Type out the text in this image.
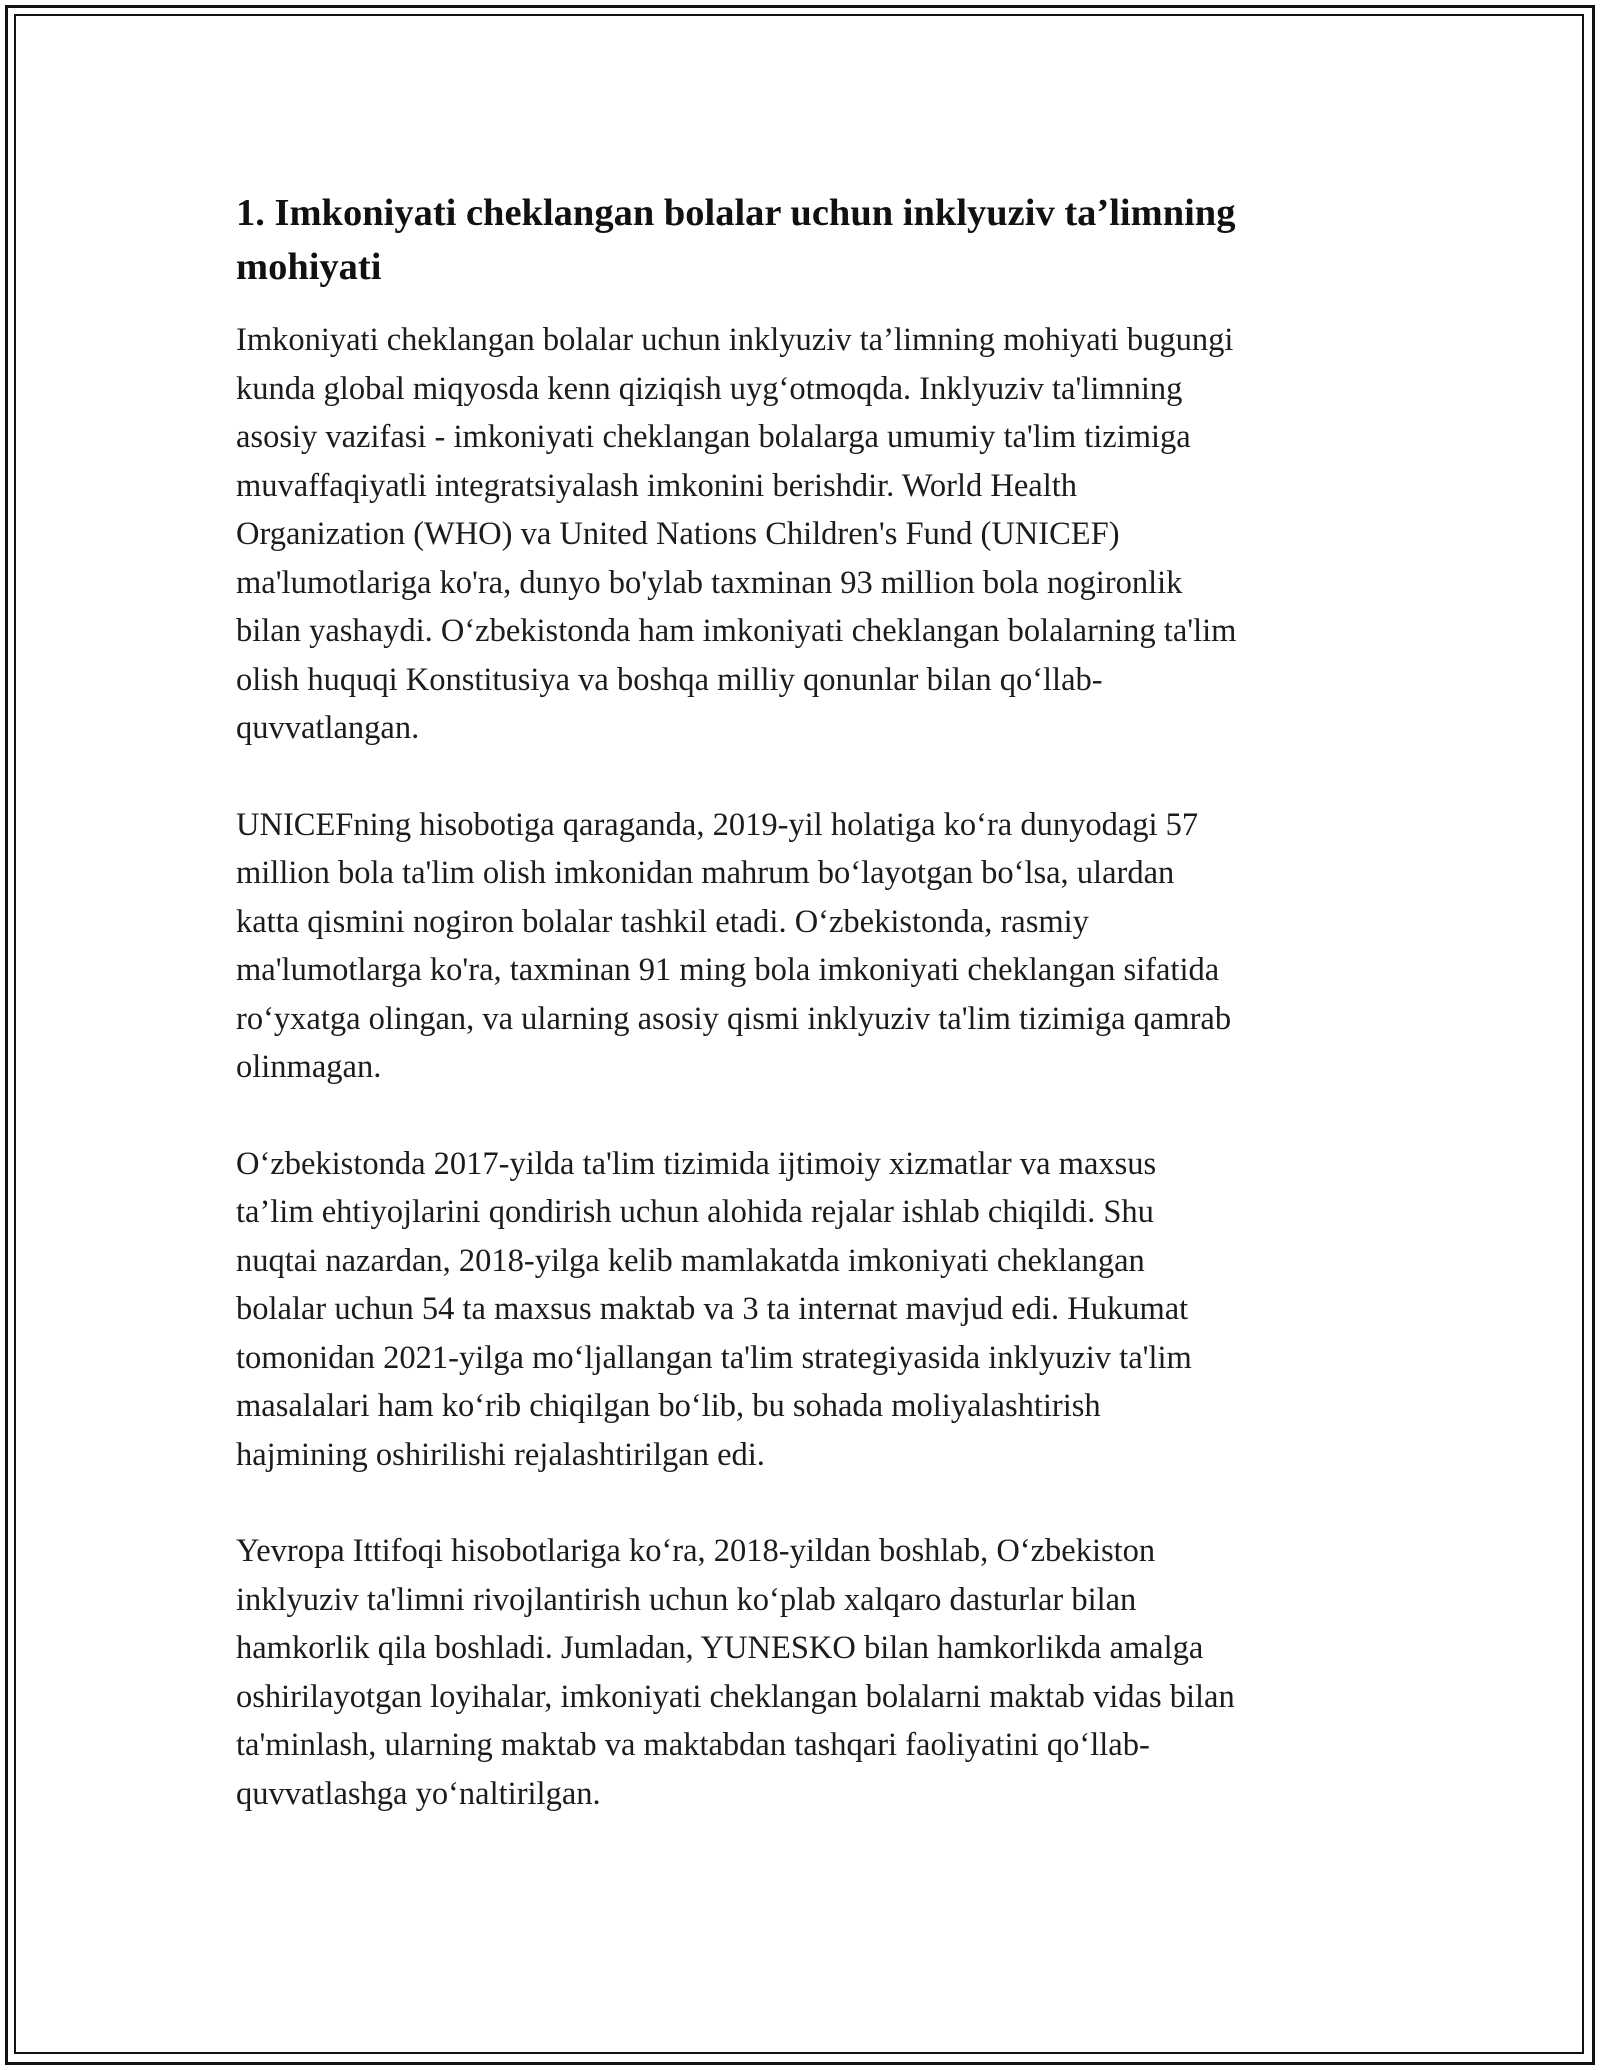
1. Imkoniyati cheklangan bolalar uchun inklyuziv ta’limning
mohiyati
Imkoniyati cheklangan bolalar uchun inklyuziv ta’limning mohiyati bugungi
kunda global miqyosda kenn qiziqish uyg‘otmoqda. Inklyuziv ta'limning
asosiy vazifasi - imkoniyati cheklangan bolalarga umumiy ta'lim tizimiga
muvaffaqiyatli integratsiyalash imkonini berishdir. World Health
Organization (WHO) va United Nations Children's Fund (UNICEF)
ma'lumotlariga ko'ra, dunyo bo'ylab taxminan 93 million bola nogironlik
bilan yashaydi. O‘zbekistonda ham imkoniyati cheklangan bolalarning ta'lim
olish huquqi Konstitusiya va boshqa milliy qonunlar bilan qo‘llab-
quvvatlangan.
UNICEFning hisobotiga qaraganda, 2019-yil holatiga ko‘ra dunyodagi 57
million bola ta'lim olish imkonidan mahrum bo‘layotgan bo‘lsa, ulardan
katta qismini nogiron bolalar tashkil etadi. O‘zbekistonda, rasmiy
ma'lumotlarga ko'ra, taxminan 91 ming bola imkoniyati cheklangan sifatida
ro‘yxatga olingan, va ularning asosiy qismi inklyuziv ta'lim tizimiga qamrab
olinmagan.
O‘zbekistonda 2017-yilda ta'lim tizimida ijtimoiy xizmatlar va maxsus
ta’lim ehtiyojlarini qondirish uchun alohida rejalar ishlab chiqildi. Shu
nuqtai nazardan, 2018-yilga kelib mamlakatda imkoniyati cheklangan
bolalar uchun 54 ta maxsus maktab va 3 ta internat mavjud edi. Hukumat
tomonidan 2021-yilga mo‘ljallangan ta'lim strategiyasida inklyuziv ta'lim
masalalari ham ko‘rib chiqilgan bo‘lib, bu sohada moliyalashtirish
hajmining oshirilishi rejalashtirilgan edi.
Yevropa Ittifoqi hisobotlariga ko‘ra, 2018-yildan boshlab, O‘zbekiston
inklyuziv ta'limni rivojlantirish uchun ko‘plab xalqaro dasturlar bilan
hamkorlik qila boshladi. Jumladan, YUNESKO bilan hamkorlikda amalga
oshirilayotgan loyihalar, imkoniyati cheklangan bolalarni maktab vidas bilan
ta'minlash, ularning maktab va maktabdan tashqari faoliyatini qo‘llab-
quvvatlashga yo‘naltirilgan.
